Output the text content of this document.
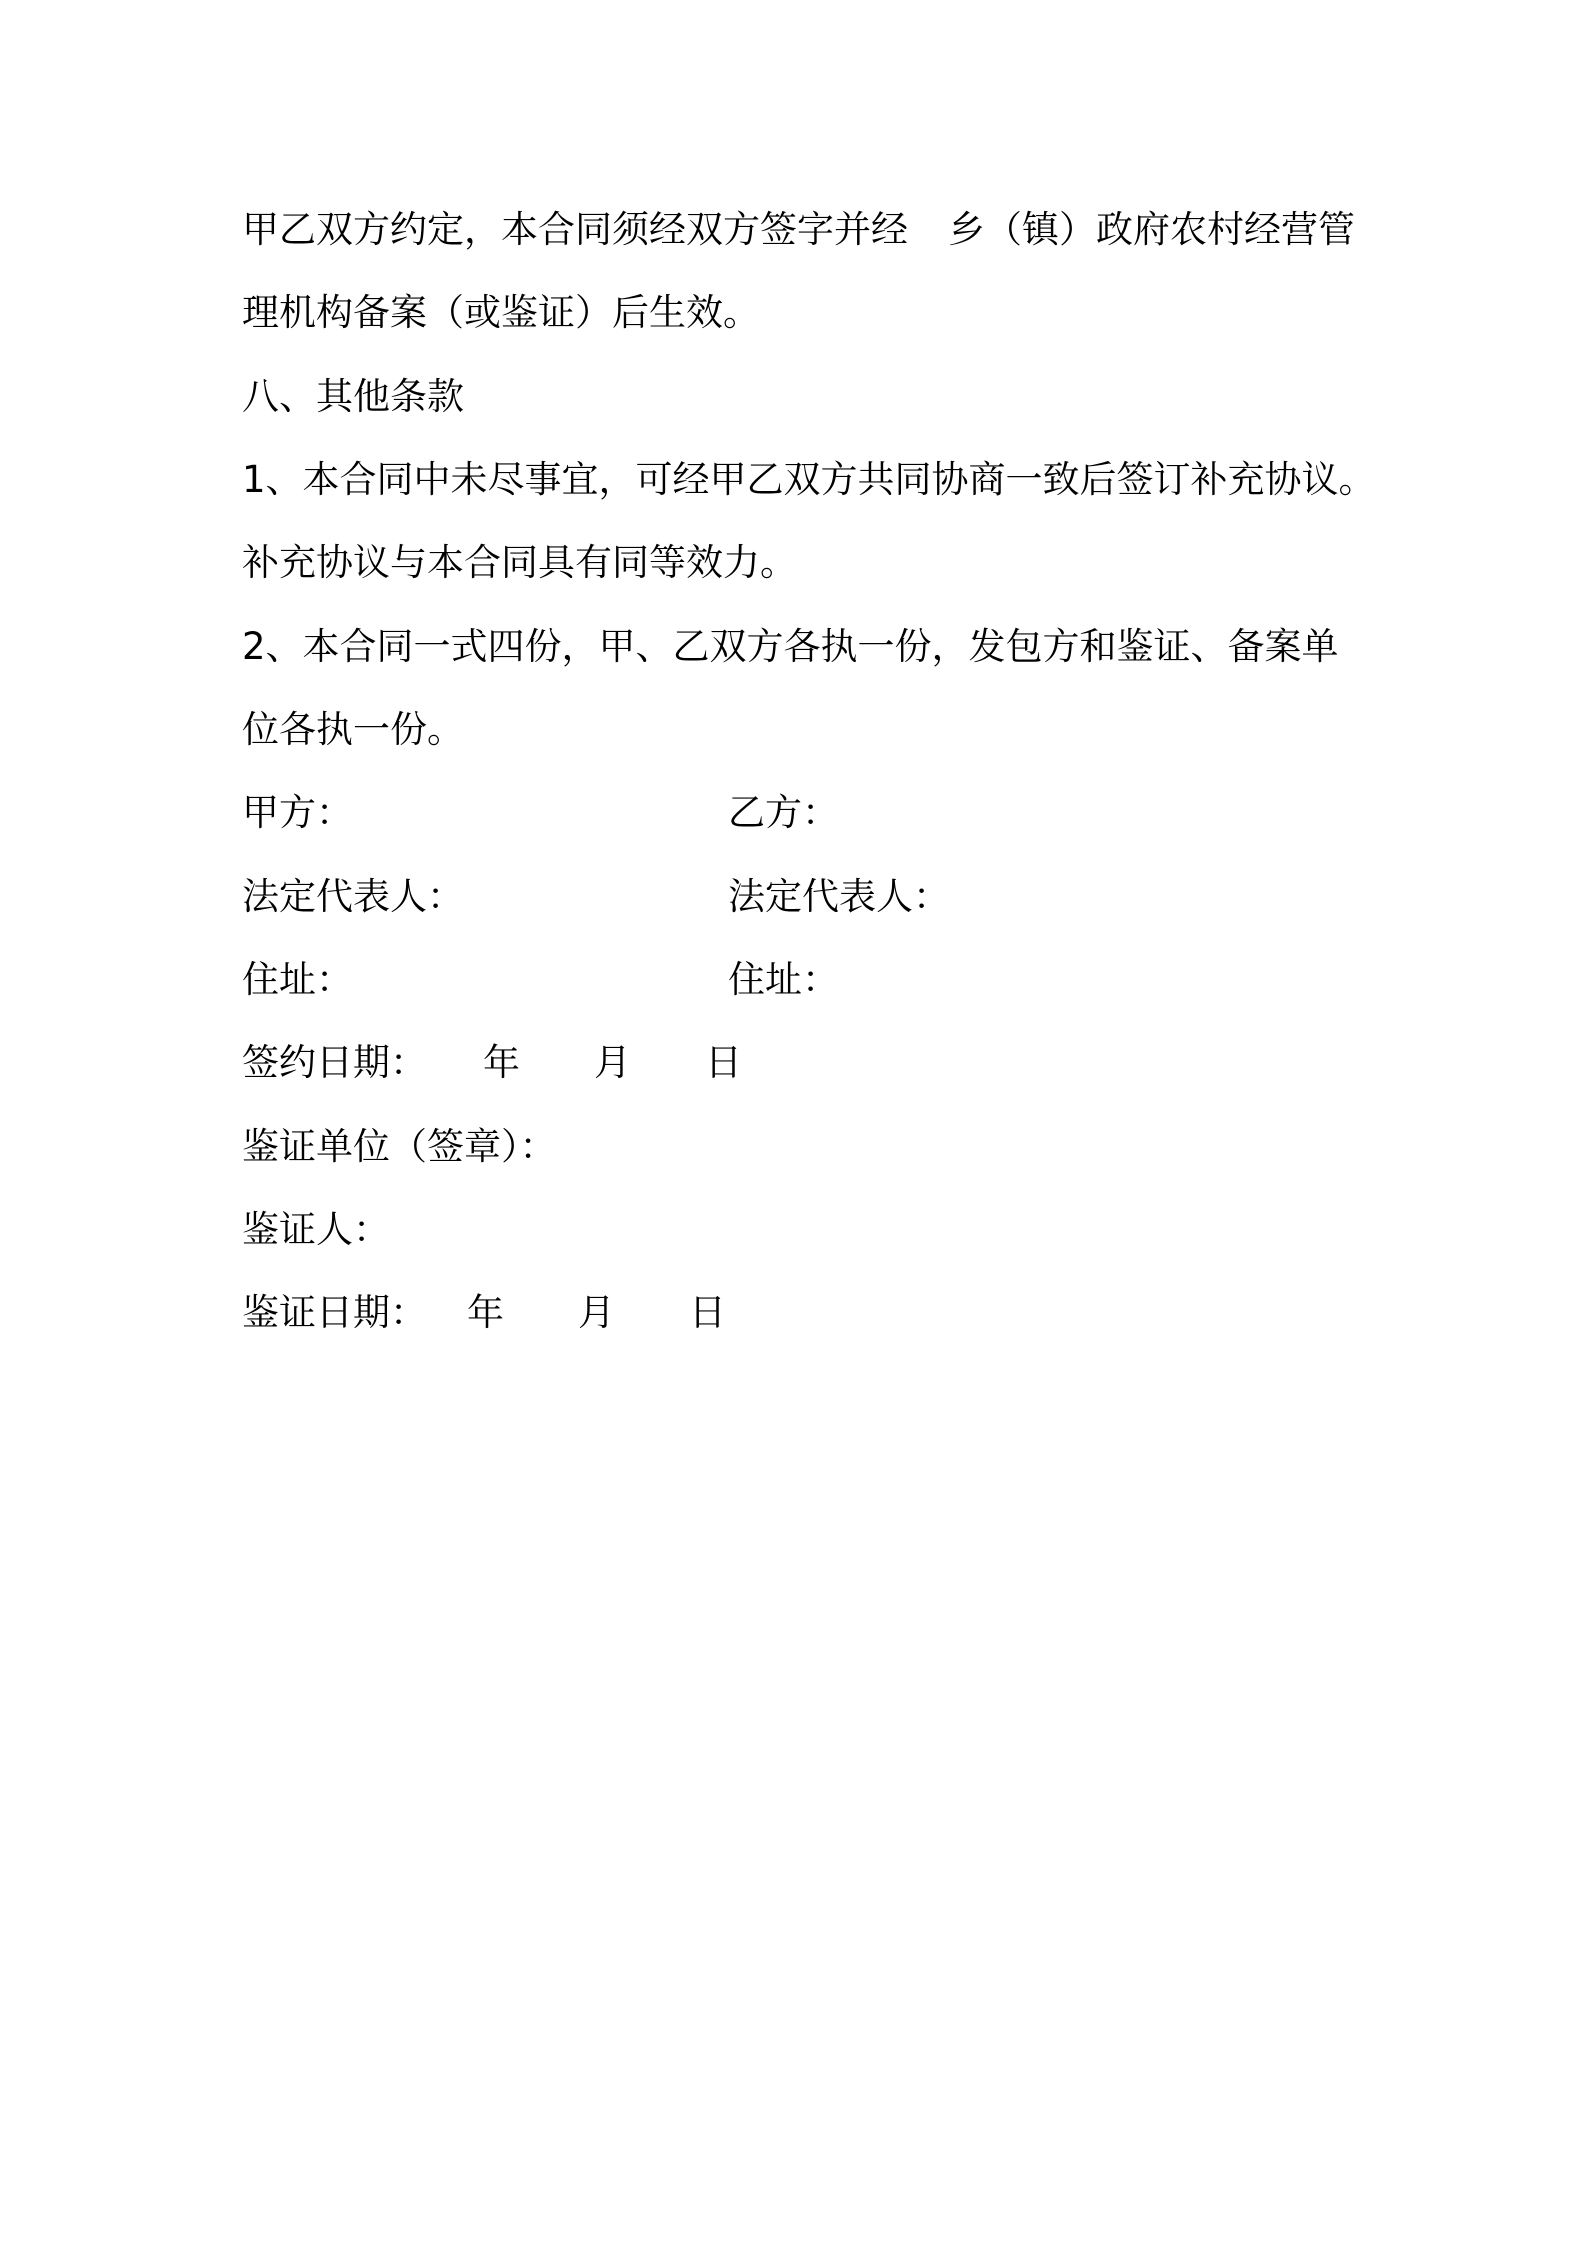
甲乙双方约定，本合同须经双方签字并经 乡（镇）政府农村经营管
理机构备案（或鉴证）后生效。
八、其他条款
1、本合同中未尽事宜，可经甲乙双方共同协商一致后签订补充协议。
补充协议与本合同具有同等效力。
2、本合同一式四份，甲、乙双方各执一份，发包方和鉴证、备案单
位各执一份。
甲方：	乙方：
法定代表人：	法定代表人：
住址：	住址：
签约日期： 年 月 日
鉴证单位（签章）：
鉴证人：
鉴证日期： 年 月 日
